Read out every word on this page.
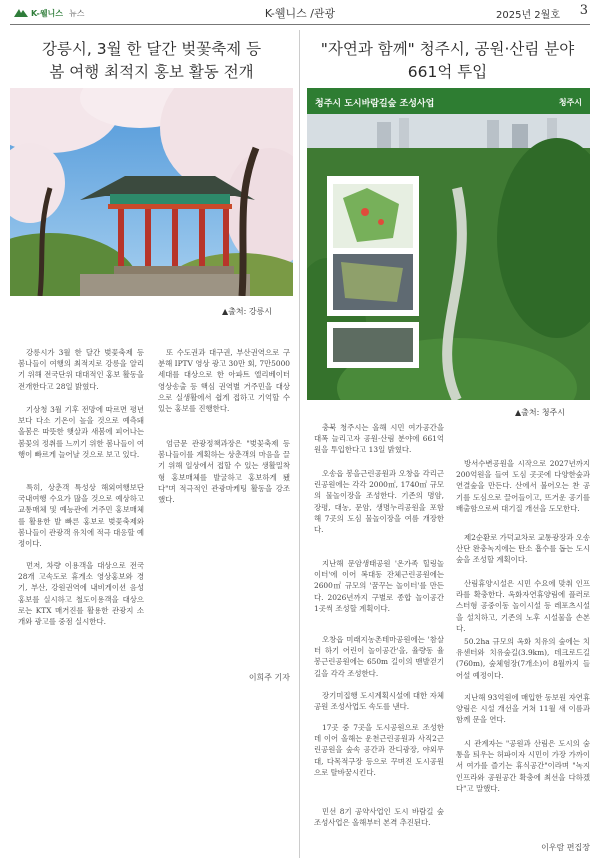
K-웰니스 뉴스	K-웰니스 /관광	2025년 2월호 3
강릉시, 3월 한 달간 벚꽃축제 등
봄 여행 최적지 홍보 활동 전개
▲출처: 강릉시

강릉시가 3월 한 달간 벚꽃축제 등 봄나들이 여행의 최적지로 강릉을 알리기 위해 전국단위 대대적인 홍보 활동을 전개한다고 28일 밝혔다.

기상청 3월 기후 전망에 따르면 평년보다 다소 기온이 높을 것으로 예측돼 올봄은 따뜻한 햇살과 새봄에 피어나는 봄꽃의 정취를 느끼기 위한 봄나들이 여행이 빠르게 늘어날 것으로 보고 있다.

특히, 상춘객 특성상 해외여행보단 국내여행 수요가 많을 것으로 예상하고 교통매체 및 예능관에 거주민 홍보매체를 활용한 발 빠른 홍보로 벚꽃축제와 봄나들이 관광객 유치에 적극 대응할 예정이다.

먼저, 차량 이용객을 대상으로 전국 28개 고속도로 휴게소 영상홍보와 경기, 부산, 강원권역에 내비게이션 음성 홍보를 실시하고 철도이용객을 대상으로는 KTX 매거진를 활용한 관광지 소개와 광고를 중점 실시한다.

또 수도권과 대구권, 부산권역으로 구분해 IPTV 영상 광고 30만 회, 7만5000세대를 대상으로 한 아파트 엘리베이터 영상송출 등 핵심 권역별 거주민을 대상으로 실생활에서 쉽게 접하고 기억할 수 있는 홍보를 진행한다.

엄금문 관광정책과장은 "벚꽃축제 등 봄나들이를 계획하는 상춘객의 마음을 끌기 위해 일상에서 접할 수 있는 생활밀착형 홍보매체를 발굴하고 홍보하게 됐다"며 적극적인 관광마케팅 활동을 강조했다.

이희주 기자
"자연과 함께" 청주시, 공원·산림 분야
661억 투입
청주시 도시바람길숲 조성사업	청주시
▲출처: 청주시

충북 청주시는 올해 시민 여가공간을 대폭 늘리고자 공원·산림 분야에 661억원을 투입한다고 13일 밝혔다.

오송읍 봉을근린공원과 오창읍 각리근린공원에는 각각 2000㎡, 1740㎡ 규모의 물놀이장을 조성한다. 기존의 명암, 장평, 대농, 문암, 생명누리공원을 포함해 7곳의 도심 물놀이장을 여름 개장한다.

지난해 문암생태공원 '온가족 힐링놀이터'에 이어 복대동 잔체근린공원에는 2600㎡ 규모의 '꿈꾸는 놀이터'를 만든다. 2026년까지 구별로 종합 놀이공간 1곳씩 조성할 계획이다.

오창읍 미래지농촌테마공원에는 '참살터 하기 어린이 놀이공간'을, 율량동 율봉근린공원에는 650m 길이의 맨발걷기길을 각각 조성한다.

장기미집행 도시계획시설에 대한 자체공원 조성사업도 속도를 낸다.

17곳 중 7곳을 도시공원으로 조성한 데 이어 올해는 운천근린공원과 사직2근린공원을 숲속 공간과 잔디광장, 야외무대, 다목적구장 등으로 꾸며진 도시공원으로 탈바꿈시킨다.

민선 8기 공약사업인 도시 바람길 숲 조성사업은 올해부터 본격 추진된다.

방서수변공원을 시작으로 2027년까지 200억원을 들여 도심 곳곳에 다양한숲과 연결숲을 만든다. 산에서 불어오는 찬 공기를 도심으로 끌어들이고, 뜨거운 공기를 배출함으로써 대기질 개선을 도모한다.

제2순환로 가덕교차로 교통광장과 오송산단 완충녹지에는 탄소 흡수를 돕는 도시숲을 조성할 계획이다.

산림휴양시설은 시민 수요에 맞춰 인프라를 확충한다. 옥화자연휴양림에 플러로스터형 공중이동 놀이시설 등 레포츠시설을 설치하고, 기존의 노후 시설물을 손본다.

50.2ha 규모의 옥화 치유의 숲에는 치유센터와 치유숲길(3.9km), 데크로드길(760m), 숲체험장(7개소)이 8월까지 들어설 예정이다.

지난해 93억원에 매입한 동보원 자연휴양림은 시설 개선을 거쳐 11월 새 이름과 함께 문을 연다.

시 관계자는 "공원과 산림은 도시의 숨통을 틔우는 허파이자 시민이 가장 가까이서 여가를 즐기는 휴식공간"이라며 "녹지 인프라와 공원공간 확충에 최선을 다하겠다"고 말했다.

이우람 편집장
